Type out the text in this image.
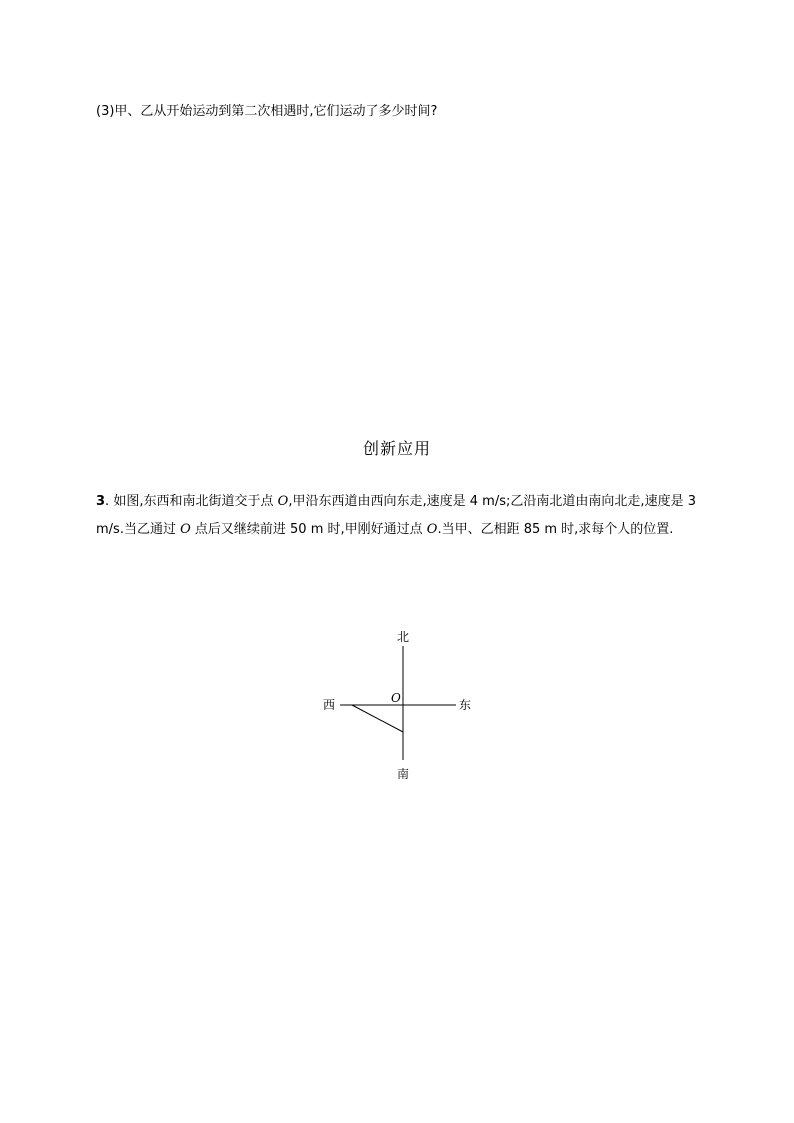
(3)甲、乙从开始运动到第二次相遇时,它们运动了多少时间?
创新应用
3. 如图,东西和南北街道交于点 O,甲沿东西道由西向东走,速度是 4 m/s;乙沿南北道由南向北走,速度是 3 m/s.当乙通过 O 点后又继续前进 50 m 时,甲刚好通过点 O.当甲、乙相距 85 m 时,求每个人的位置.
北
南
东
西	O
